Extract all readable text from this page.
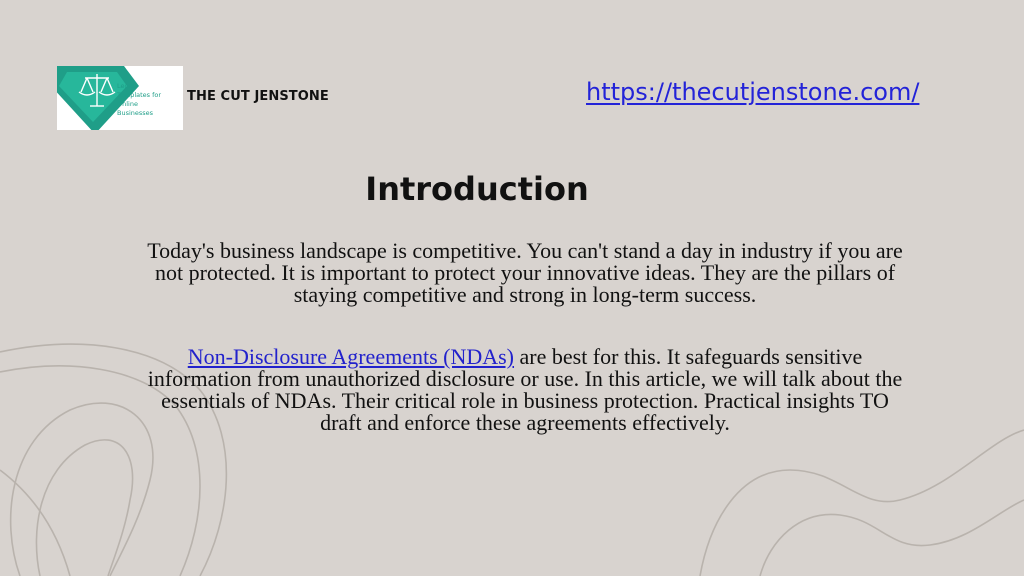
Legal
Templates for
Online
Businesses
THE CUT JENSTONE	https://thecutjenstone.com/
Introduction

Today's business landscape is competitive. You can't stand a day in industry if you are not protected. It is important to protect your innovative ideas. They are the pillars of staying competitive and strong in long-term success.

Non-Disclosure Agreements (NDAs) are best for this. It safeguards sensitive information from unauthorized disclosure or use. In this article, we will talk about the essentials of NDAs. Their critical role in business protection. Practical insights TO draft and enforce these agreements effectively.
